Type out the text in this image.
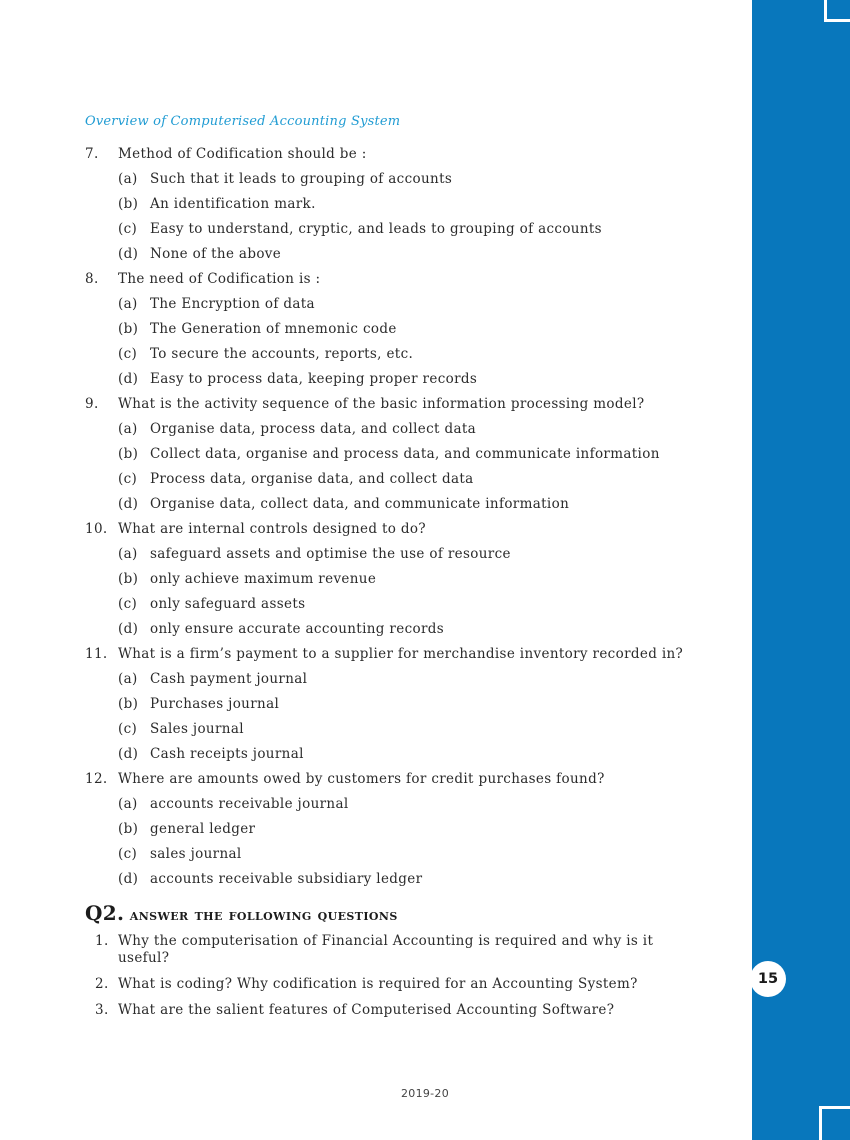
Overview of Computerised Accounting System
7.	Method of Codification should be :
(a) Such that it leads to grouping of accounts
(b) An identification mark.
(c) Easy to understand, cryptic, and leads to grouping of accounts
(d) None of the above
8.	The need of Codification is :
(a) The Encryption of data
(b) The Generation of mnemonic code
(c) To secure the accounts, reports, etc.
(d) Easy to process data, keeping proper records
9.	What is the activity sequence of the basic information processing model?
(a) Organise data, process data, and collect data
(b) Collect data, organise and process data, and communicate information
(c) Process data, organise data, and collect data
(d) Organise data, collect data, and communicate information
10. What are internal controls designed to do?
(a) safeguard assets and optimise the use of resource
(b) only achieve maximum revenue
(c) only safeguard assets
(d) only ensure accurate accounting records
11. What is a firm’s payment to a supplier for merchandise inventory recorded in?
(a) Cash payment journal
(b) Purchases journal
(c) Sales journal
(d) Cash receipts journal
12. Where are amounts owed by customers for credit purchases found?
(a) accounts receivable journal
(b) general ledger
(c) sales journal
(d) accounts receivable subsidiary ledger
Q2. answer the following questions
1. Why the computerisation of Financial Accounting is required and why is it useful?
2. What is coding? Why codification is required for an Accounting System?
3. What are the salient features of Computerised Accounting Software?
2019-20
15
